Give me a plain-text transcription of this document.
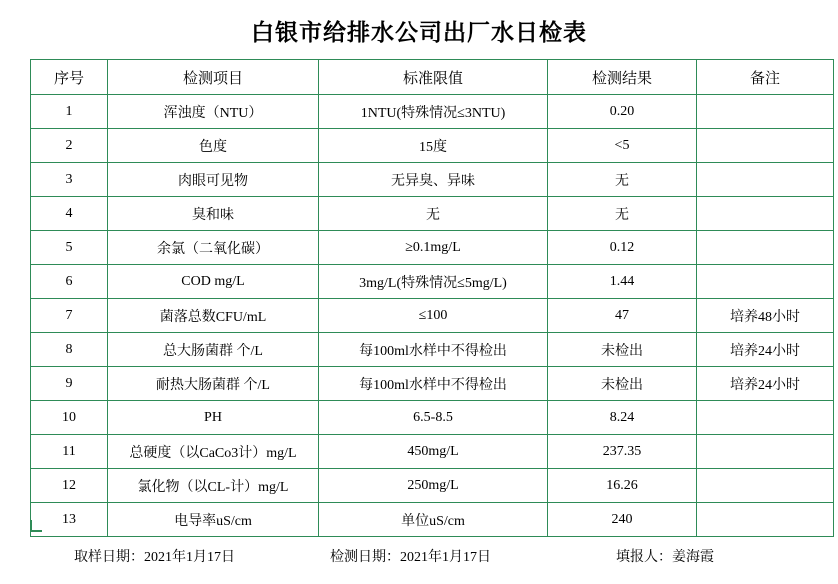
白银市给排水公司出厂水日检表
序号	检测项目	标准限值	检测结果	备注
1	浑浊度（NTU）	1NTU(特殊情况≤3NTU)	0.20	
2	色度	15度	<5	
3	肉眼可见物	无异臭、异味	无	
4	臭和味	无	无	
5	余氯（二氧化碳）	≥0.1mg/L	0.12	
6	COD mg/L	3mg/L(特殊情况≤5mg/L)	1.44	
7	菌落总数CFU/mL	≤100	47	培养48小时
8	总大肠菌群 个/L	每100ml水样中不得检出	未检出	培养24小时
9	耐热大肠菌群 个/L	每100ml水样中不得检出	未检出	培养24小时
10	PH	6.5-8.5	8.24	
11	总硬度（以CaCo3计）mg/L	450mg/L	237.35	
12	氯化物（以CL-计）mg/L	250mg/L	16.26	
13	电导率uS/cm	单位uS/cm	240	
取样日期：2021年1月17日	检测日期：2021年1月17日	填报人：姜海霞
